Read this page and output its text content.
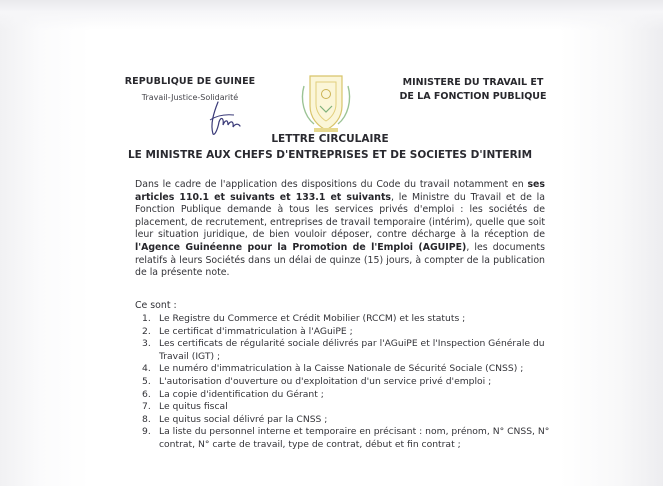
REPUBLIQUE DE GUINEE
Travail-Justice-Solidarité
MINISTERE DU TRAVAIL ET
DE LA FONCTION PUBLIQUE
LETTRE CIRCULAIRE
LE MINISTRE AUX CHEFS D'ENTREPRISES ET DE SOCIETES D'INTERIM
Dans le cadre de l'application des dispositions du Code du travail notamment en ses articles 110.1 et suivants et 133.1 et suivants, le Ministre du Travail et de la Fonction Publique demande à tous les services privés d'emploi : les sociétés de placement, de recrutement, entreprises de travail temporaire (intérim), quelle que soit leur situation juridique, de bien vouloir déposer, contre décharge à la réception de l'Agence Guinéenne pour la Promotion de l'Emploi (AGUIPE), les documents relatifs à leurs Sociétés dans un délai de quinze (15) jours, à compter de la publication de la présente note.
Ce sont :
1. Le Registre du Commerce et Crédit Mobilier (RCCM) et les statuts ;
2. Le certificat d'immatriculation à l'AGuiPE ;
3. Les certificats de régularité sociale délivrés par l'AGuiPE et l'Inspection Générale du Travail (IGT) ;
4. Le numéro d'immatriculation à la Caisse Nationale de Sécurité Sociale (CNSS) ;
5. L'autorisation d'ouverture ou d'exploitation d'un service privé d'emploi ;
6. La copie d'identification du Gérant ;
7. Le quitus fiscal
8. Le quitus social délivré par la CNSS ;
9. La liste du personnel interne et temporaire en précisant : nom, prénom, N° CNSS, N° contrat, N° carte de travail, type de contrat, début et fin contrat ;
